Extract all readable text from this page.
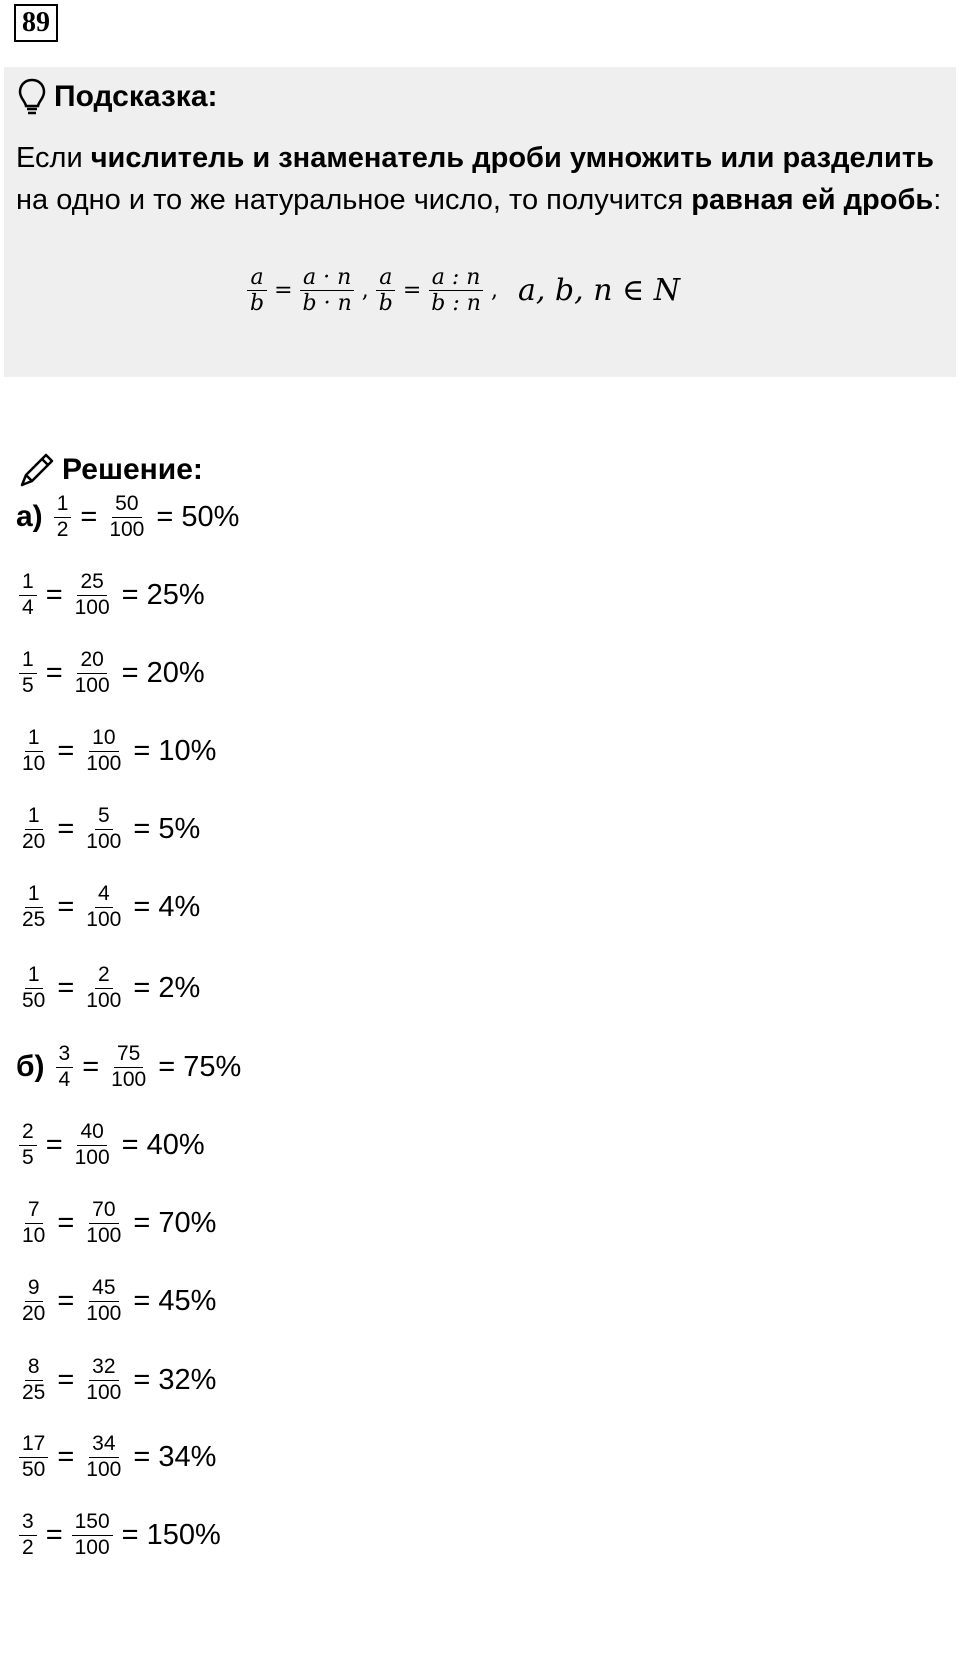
89
Подсказка:
Если числитель и знаменатель дроби умножить или разделить на одно и то же натуральное число, то получится равная ей дробь:
$\frac{a}{b} = \frac{a \cdot n}{b \cdot n}$ , $\frac{a}{b} = \frac{a : n}{b : n}$ , a, b, n ∈ N
Решение:
$а) \frac{1}{2} = \frac{50}{100} = 50\%$
$\frac{1}{4} = \frac{25}{100} = 25\%$
$\frac{1}{5} = \frac{20}{100} = 20\%$
$\frac{1}{10} = \frac{10}{100} = 10\%$
$\frac{1}{20} = \frac{5}{100} = 5\%$
$\frac{1}{25} = \frac{4}{100} = 4\%$
$\frac{1}{50} = \frac{2}{100} = 2\%$
$б) \frac{3}{4} = \frac{75}{100} = 75\%$
$\frac{2}{5} = \frac{40}{100} = 40\%$
$\frac{7}{10} = \frac{70}{100} = 70\%$
$\frac{9}{20} = \frac{45}{100} = 45\%$
$\frac{8}{25} = \frac{32}{100} = 32\%$
$\frac{17}{50} = \frac{34}{100} = 34\%$
$\frac{3}{2} = \frac{150}{100} = 150\%$
